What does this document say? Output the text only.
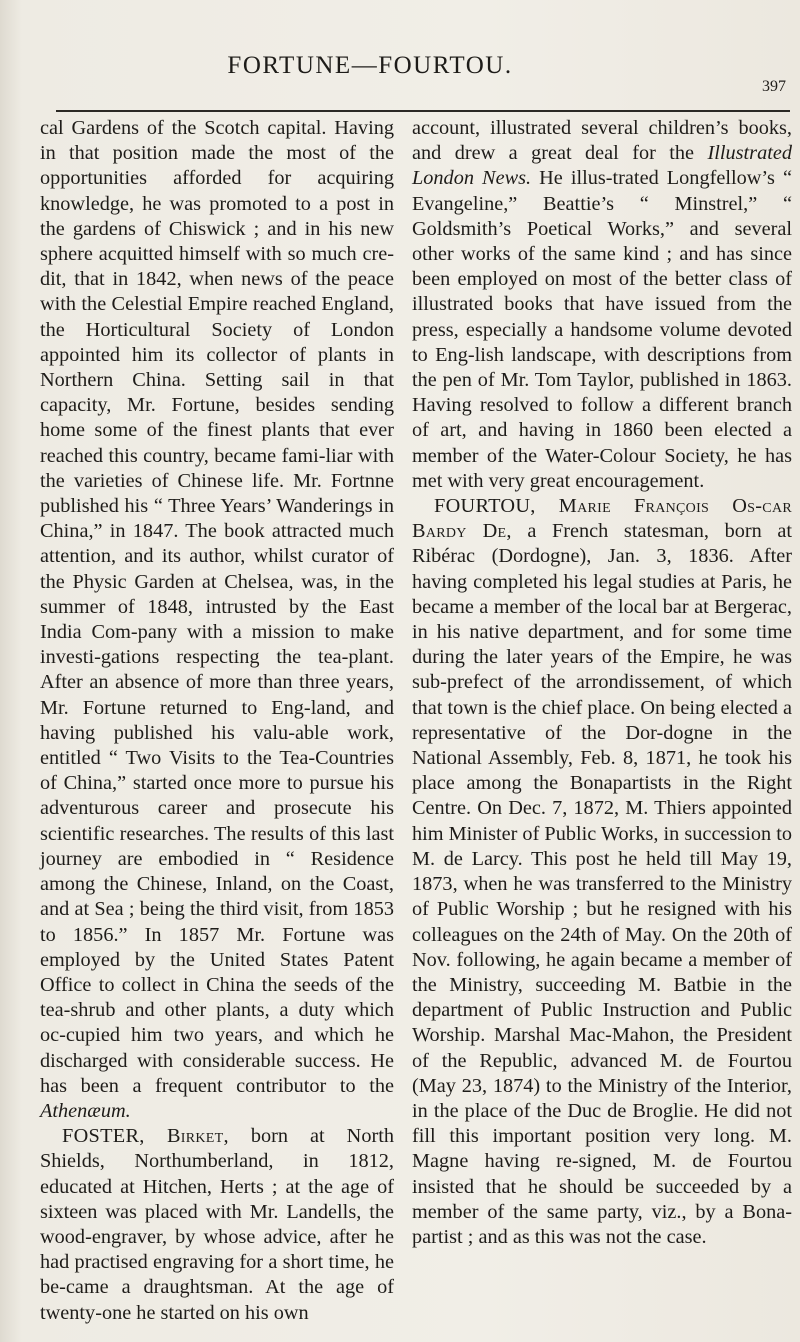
FORTUNE—FOURTOU.
397

cal Gardens of the Scotch capital. Having in that position made the most of the opportunities afforded for acquiring knowledge, he was promoted to a post in the gardens of Chiswick ; and in his new sphere acquitted himself with so much cre-dit, that in 1842, when news of the peace with the Celestial Empire reached England, the Horticultural Society of London appointed him its collector of plants in Northern China. Setting sail in that capacity, Mr. Fortune, besides sending home some of the finest plants that ever reached this country, became fami-liar with the varieties of Chinese life. Mr. Fortnne published his “ Three Years’ Wanderings in China,” in 1847. The book attracted much attention, and its author, whilst curator of the Physic Garden at Chelsea, was, in the summer of 1848, intrusted by the East India Com-pany with a mission to make investi-gations respecting the tea-plant. After an absence of more than three years, Mr. Fortune returned to Eng-land, and having published his valu-able work, entitled “ Two Visits to the Tea-Countries of China,” started once more to pursue his adventurous career and prosecute his scientific researches. The results of this last journey are embodied in “ Residence among the Chinese, Inland, on the Coast, and at Sea ; being the third visit, from 1853 to 1856.” In 1857 Mr. Fortune was employed by the United States Patent Office to collect in China the seeds of the tea-shrub and other plants, a duty which oc-cupied him two years, and which he discharged with considerable success. He has been a frequent contributor to the Athenæum.

FOSTER, Birket, born at North Shields, Northumberland, in 1812, educated at Hitchen, Herts ; at the age of sixteen was placed with Mr. Landells, the wood-engraver, by whose advice, after he had practised engraving for a short time, he be-came a draughtsman. At the age of twenty-one he started on his own

account, illustrated several children’s books, and drew a great deal for the Illustrated London News. He illus-trated Longfellow’s “ Evangeline,” Beattie’s “ Minstrel,” “ Goldsmith’s Poetical Works,” and several other works of the same kind ; and has since been employed on most of the better class of illustrated books that have issued from the press, especially a handsome volume devoted to Eng-lish landscape, with descriptions from the pen of Mr. Tom Taylor, published in 1863. Having resolved to follow a different branch of art, and having in 1860 been elected a member of the Water-Colour Society, he has met with very great encouragement.

FOURTOU, Marie François Os-car Bardy De, a French statesman, born at Ribérac (Dordogne), Jan. 3, 1836. After having completed his legal studies at Paris, he became a member of the local bar at Bergerac, in his native department, and for some time during the later years of the Empire, he was sub-prefect of the arrondissement, of which that town is the chief place. On being elected a representative of the Dor-dogne in the National Assembly, Feb. 8, 1871, he took his place among the Bonapartists in the Right Centre. On Dec. 7, 1872, M. Thiers appointed him Minister of Public Works, in succession to M. de Larcy. This post he held till May 19, 1873, when he was transferred to the Ministry of Public Worship ; but he resigned with his colleagues on the 24th of May. On the 20th of Nov. following, he again became a member of the Ministry, succeeding M. Batbie in the department of Public Instruction and Public Worship. Marshal Mac-Mahon, the President of the Republic, advanced M. de Fourtou (May 23, 1874) to the Ministry of the Interior, in the place of the Duc de Broglie. He did not fill this important position very long. M. Magne having re-signed, M. de Fourtou insisted that he should be succeeded by a member of the same party, viz., by a Bona-partist ; and as this was not the case.
